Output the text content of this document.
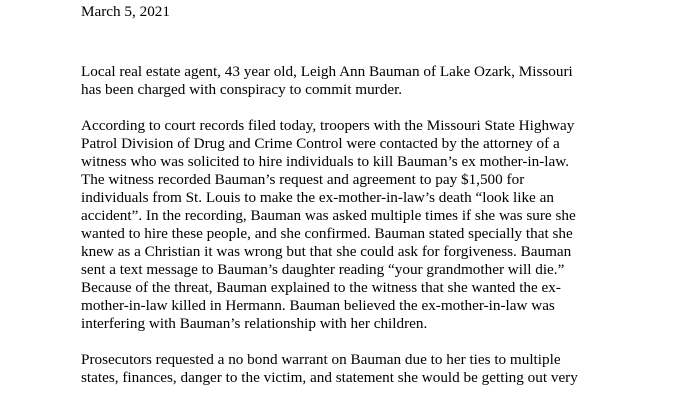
March 5, 2021
Local real estate agent, 43 year old, Leigh Ann Bauman of Lake Ozark, Missouri
has been charged with conspiracy to commit murder.
According to court records filed today, troopers with the Missouri State Highway
Patrol Division of Drug and Crime Control were contacted by the attorney of a
witness who was solicited to hire individuals to kill Bauman’s ex mother-in-law.
The witness recorded Bauman’s request and agreement to pay $1,500 for
individuals from St. Louis to make the ex-mother-in-law’s death “look like an
accident”. In the recording, Bauman was asked multiple times if she was sure she
wanted to hire these people, and she confirmed. Bauman stated specially that she
knew as a Christian it was wrong but that she could ask for forgiveness. Bauman
sent a text message to Bauman’s daughter reading “your grandmother will die.”
Because of the threat, Bauman explained to the witness that she wanted the ex-
mother-in-law killed in Hermann. Bauman believed the ex-mother-in-law was
interfering with Bauman’s relationship with her children.
Prosecutors requested a no bond warrant on Bauman due to her ties to multiple
states, finances, danger to the victim, and statement she would be getting out very
